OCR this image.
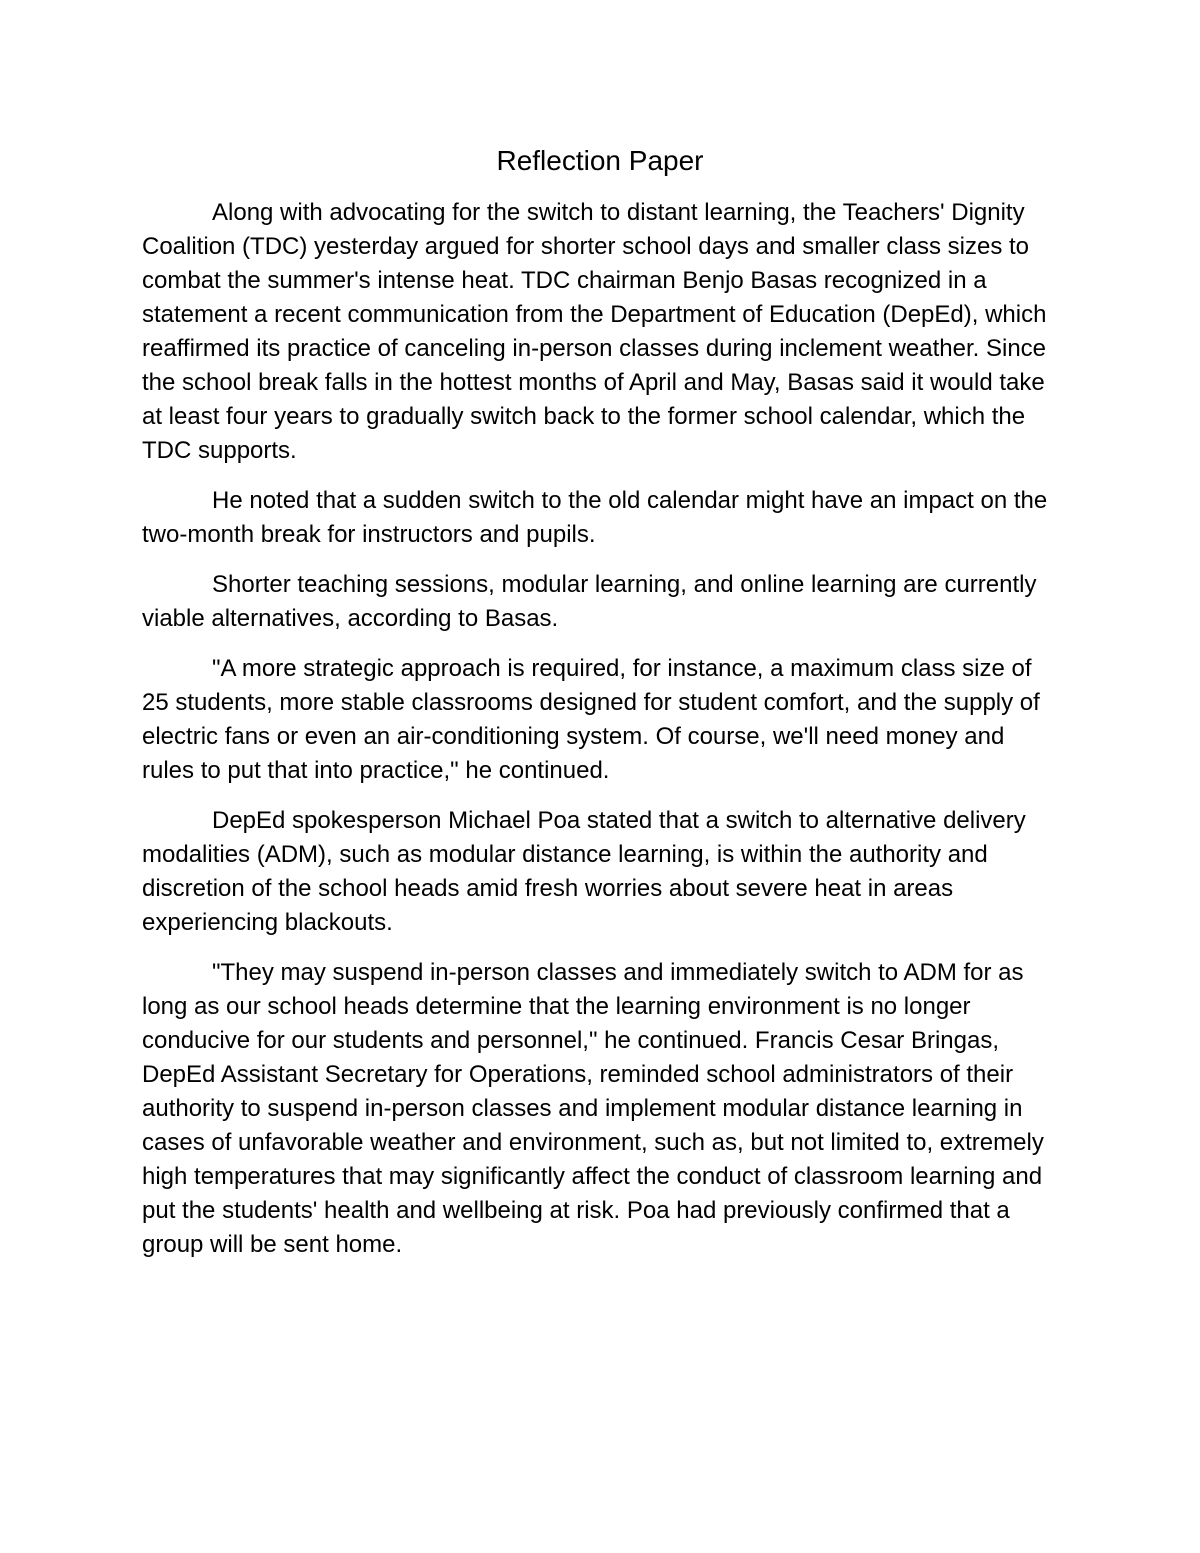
Reflection Paper

Along with advocating for the switch to distant learning, the Teachers' Dignity Coalition (TDC) yesterday argued for shorter school days and smaller class sizes to combat the summer's intense heat. TDC chairman Benjo Basas recognized in a statement a recent communication from the Department of Education (DepEd), which reaffirmed its practice of canceling in-person classes during inclement weather. Since the school break falls in the hottest months of April and May, Basas said it would take at least four years to gradually switch back to the former school calendar, which the TDC supports.

He noted that a sudden switch to the old calendar might have an impact on the two-month break for instructors and pupils.

Shorter teaching sessions, modular learning, and online learning are currently viable alternatives, according to Basas.

"A more strategic approach is required, for instance, a maximum class size of 25 students, more stable classrooms designed for student comfort, and the supply of electric fans or even an air-conditioning system. Of course, we'll need money and rules to put that into practice," he continued.

DepEd spokesperson Michael Poa stated that a switch to alternative delivery modalities (ADM), such as modular distance learning, is within the authority and discretion of the school heads amid fresh worries about severe heat in areas experiencing blackouts.

"They may suspend in-person classes and immediately switch to ADM for as long as our school heads determine that the learning environment is no longer conducive for our students and personnel," he continued. Francis Cesar Bringas, DepEd Assistant Secretary for Operations, reminded school administrators of their authority to suspend in-person classes and implement modular distance learning in cases of unfavorable weather and environment, such as, but not limited to, extremely high temperatures that may significantly affect the conduct of classroom learning and put the students' health and wellbeing at risk. Poa had previously confirmed that a group will be sent home.
